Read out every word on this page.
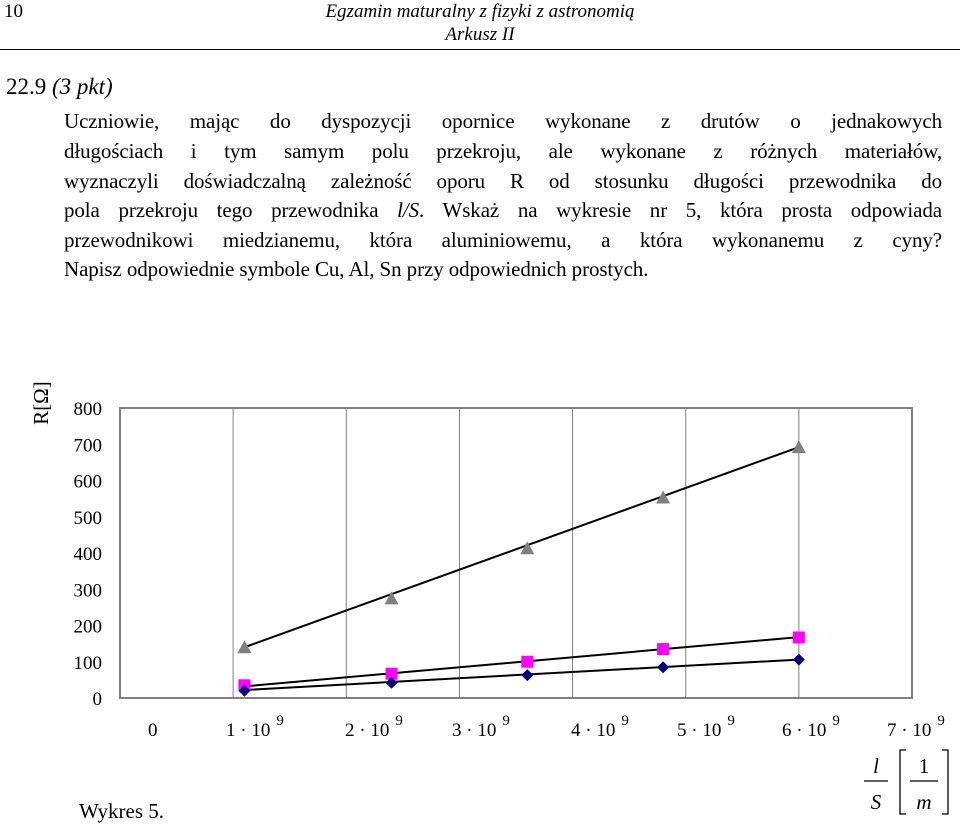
10	Egzamin maturalny z fizyki z astronomią
Arkusz II
22.9 (3 pkt)
Uczniowie, mając do dyspozycji opornice wykonane z drutów o jednakowych
długościach i tym samym polu przekroju, ale wykonane z różnych materiałów,
wyznaczyli doświadczalną zależność oporu R od stosunku długości przewodnika do
pola przekroju tego przewodnika l/S. Wskaż na wykresie nr 5, która prosta odpowiada
przewodnikowi miedzianemu, która aluminiowemu, a która wykonanemu z cyny?
Napisz odpowiednie symbole Cu, Al, Sn przy odpowiednich prostych.
0
100
200
300
400
500
600
700
800
R[Ω]
0	1 · 10 $^9$	2 · 10 $^9$	3 · 10 $^9$	4 · 10 $^9$	5 · 10 $^9$ 6 · 10 $^9$ 7 · 10 $^9$
l
S
1
m
Wykres 5.
